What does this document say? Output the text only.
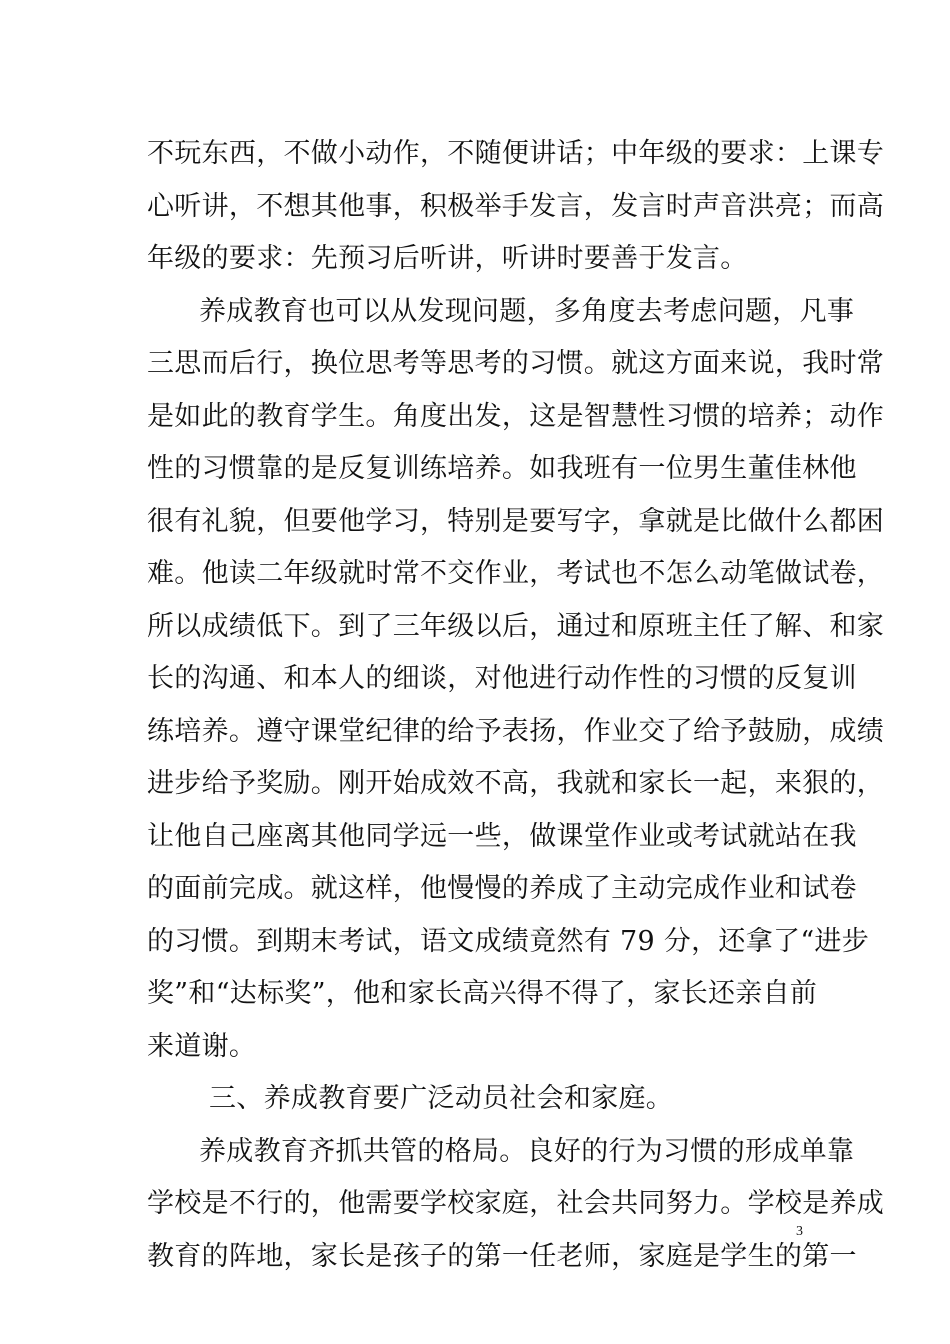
不玩东西，不做小动作，不随便讲话；中年级的要求：上课专
心听讲，不想其他事，积极举手发言，发言时声音洪亮；而高
年级的要求：先预习后听讲，听讲时要善于发言。
养成教育也可以从发现问题，多角度去考虑问题，凡事
三思而后行，换位思考等思考的习惯。就这方面来说，我时常
是如此的教育学生。角度出发，这是智慧性习惯的培养；动作
性的习惯靠的是反复训练培养。如我班有一位男生董佳林他
很有礼貌，但要他学习，特别是要写字，拿就是比做什么都困
难。他读二年级就时常不交作业，考试也不怎么动笔做试卷，
所以成绩低下。到了三年级以后，通过和原班主任了解、和家
长的沟通、和本人的细谈，对他进行动作性的习惯的反复训
练培养。遵守课堂纪律的给予表扬，作业交了给予鼓励，成绩
进步给予奖励。刚开始成效不高，我就和家长一起，来狠的，
让他自己座离其他同学远一些，做课堂作业或考试就站在我
的面前完成。就这样，他慢慢的养成了主动完成作业和试卷
的习惯。到期末考试，语文成绩竟然有 79 分，还拿了“进步
奖”和“达标奖”，他和家长高兴得不得了，家长还亲自前
来道谢。
三、养成教育要广泛动员社会和家庭。
养成教育齐抓共管的格局。良好的行为习惯的形成单靠
学校是不行的，他需要学校家庭，社会共同努力。学校是养成
教育的阵地，家长是孩子的第一任老师，家庭是学生的第一
3
